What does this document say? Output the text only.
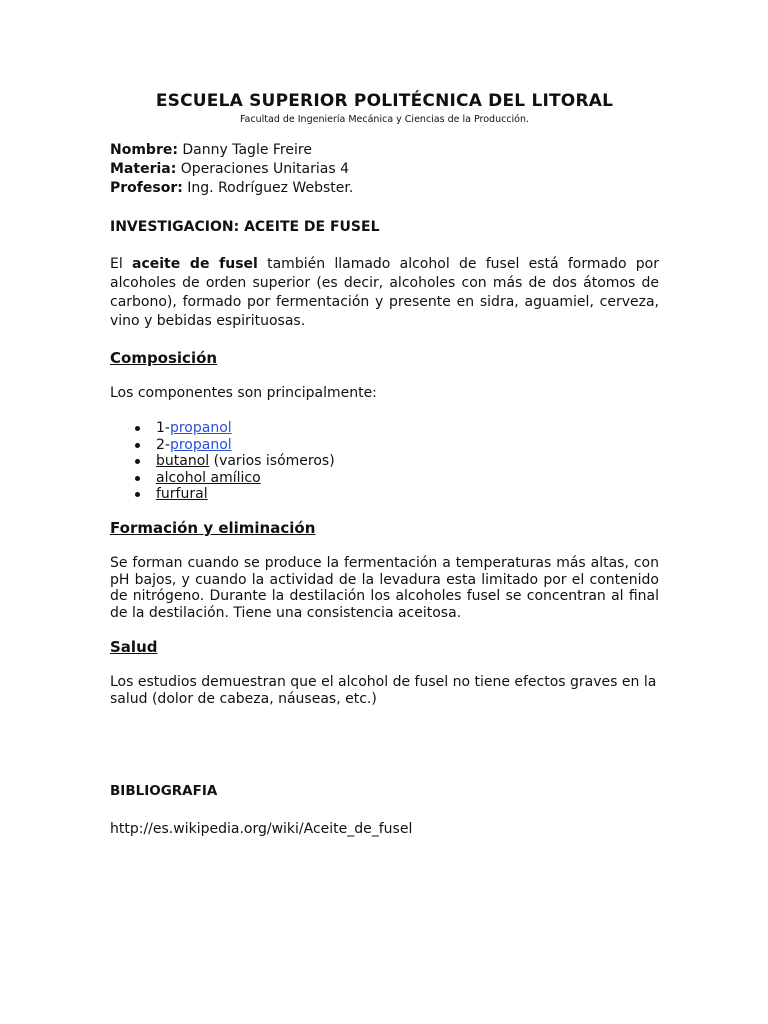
ESCUELA SUPERIOR POLITÉCNICA DEL LITORAL
Facultad de Ingeniería Mecánica y Ciencias de la Producción.
Nombre: Danny Tagle Freire
Materia: Operaciones Unitarias 4
Profesor: Ing. Rodríguez Webster.
INVESTIGACION: ACEITE DE FUSEL

El aceite de fusel también llamado alcohol de fusel está formado por alcoholes de orden superior (es decir, alcoholes con más de dos átomos de carbono), formado por fermentación y presente en sidra, aguamiel, cerveza, vino y bebidas espirituosas.

Composición
Los componentes son principalmente:
1-propanol
2-propanol
butanol (varios isómeros)
alcohol amílico
furfural
Formación y eliminación

Se forman cuando se produce la fermentación a temperaturas más altas, con pH bajos, y cuando la actividad de la levadura esta limitado por el contenido de nitrógeno. Durante la destilación los alcoholes fusel se concentran al final de la destilación. Tiene una consistencia aceitosa.

Salud

Los estudios demuestran que el alcohol de fusel no tiene efectos graves en la salud (dolor de cabeza, náuseas, etc.)

BIBLIOGRAFIA
http://es.wikipedia.org/wiki/Aceite_de_fusel
